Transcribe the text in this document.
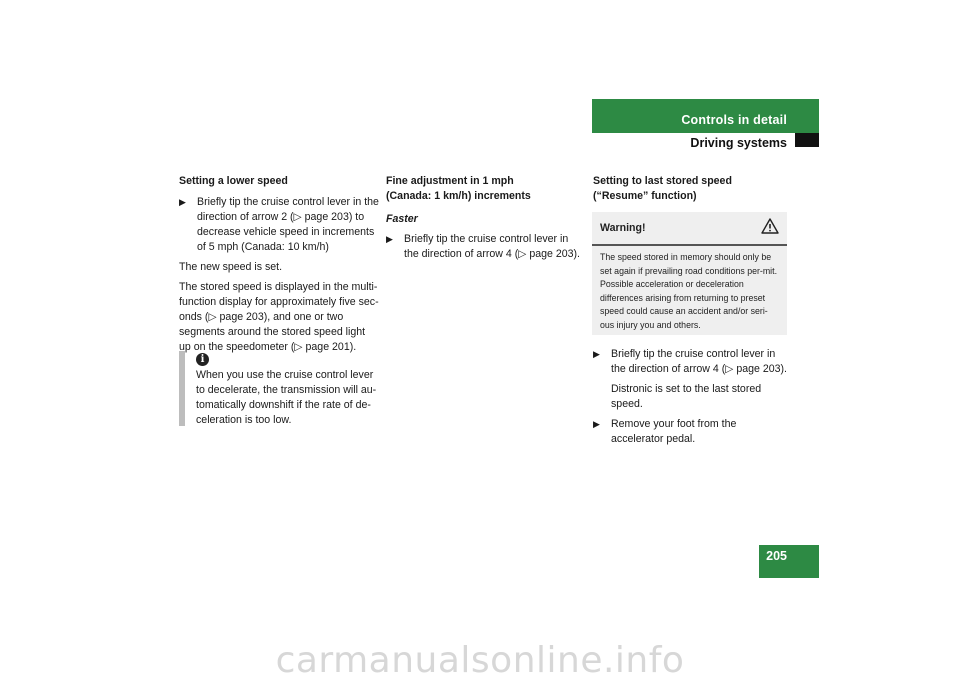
Controls in detail
Driving systems

Setting a lower speed

▶	Briefly tip the cruise control lever in the direction of arrow 2 (▷ page 203) to decrease vehicle speed in increments of 5 mph (Canada: 10 km/h)

The new speed is set.

The stored speed is displayed in the multi-function display for approximately five sec-onds (▷ page 203), and one or two segments around the stored speed light up on the speedometer (▷ page 201).

i
When you use the cruise control lever to decelerate, the transmission will au-tomatically downshift if the rate of de-celeration is too low.

Fine adjustment in 1 mph
(Canada: 1 km/h) increments

Faster

▶	Briefly tip the cruise control lever in the direction of arrow 4 (▷ page 203).

Setting to last stored speed (“Resume” function)

Warning!
The speed stored in memory should only be set again if prevailing road conditions per-mit. Possible acceleration or deceleration differences arising from returning to preset speed could cause an accident and/or seri-ous injury you and others.
▶	Briefly tip the cruise control lever in the direction of arrow 4 (▷ page 203).

Distronic is set to the last stored speed.

▶	Remove your foot from the accelerator pedal.
205
carmanualsonline.info
